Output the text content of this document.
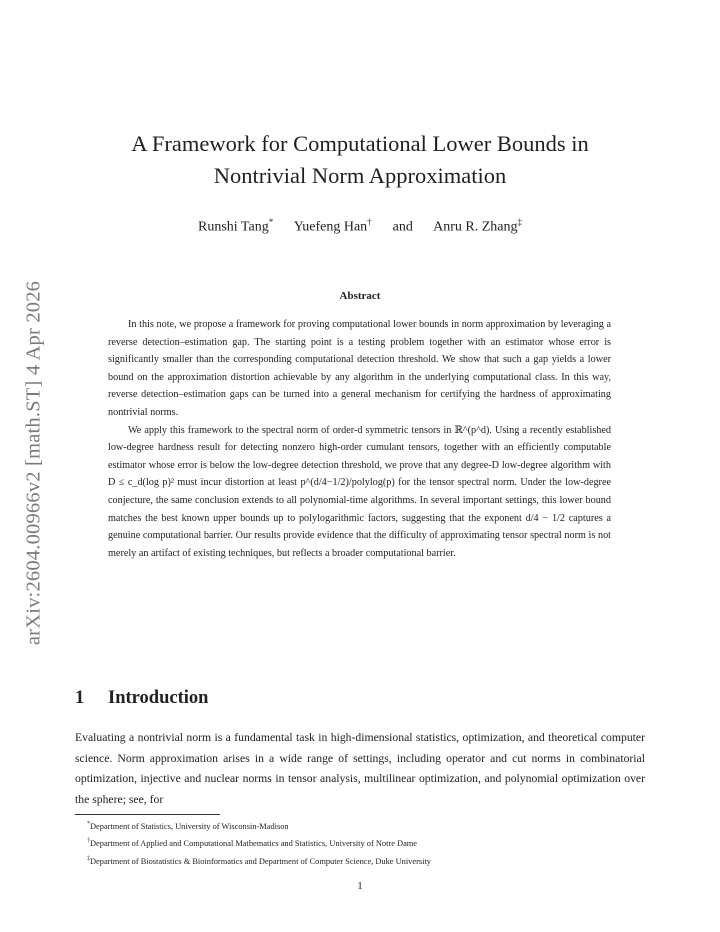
arXiv:2604.00966v2 [math.ST] 4 Apr 2026
A Framework for Computational Lower Bounds in
Nontrivial Norm Approximation
Runshi Tang* Yuefeng Han† and Anru R. Zhang‡
Abstract

In this note, we propose a framework for proving computational lower bounds in norm approximation by leveraging a reverse detection–estimation gap. The starting point is a testing problem together with an estimator whose error is significantly smaller than the corresponding computational detection threshold. We show that such a gap yields a lower bound on the approximation distortion achievable by any algorithm in the underlying computational class. In this way, reverse detection–estimation gaps can be turned into a general mechanism for certifying the hardness of approximating nontrivial norms.

We apply this framework to the spectral norm of order-d symmetric tensors in ℝ^(p^d). Using a recently established low-degree hardness result for detecting nonzero high-order cumulant tensors, together with an efficiently computable estimator whose error is below the low-degree detection threshold, we prove that any degree-D low-degree algorithm with D ≤ c_d(log p)² must incur distortion at least p^(d/4−1/2)/polylog(p) for the tensor spectral norm. Under the low-degree conjecture, the same conclusion extends to all polynomial-time algorithms. In several important settings, this lower bound matches the best known upper bounds up to polylogarithmic factors, suggesting that the exponent d/4 − 1/2 captures a genuine computational barrier. Our results provide evidence that the difficulty of approximating tensor spectral norm is not merely an artifact of existing techniques, but reflects a broader computational barrier.

1 Introduction

Evaluating a nontrivial norm is a fundamental task in high-dimensional statistics, optimization, and theoretical computer science. Norm approximation arises in a wide range of settings, including operator and cut norms in combinatorial optimization, injective and nuclear norms in tensor analysis, multilinear optimization, and polynomial optimization over the sphere; see, for

*Department of Statistics, University of Wisconsin-Madison
†Department of Applied and Computational Mathematics and Statistics, University of Notre Dame
‡Department of Biostatistics & Bioinformatics and Department of Computer Science, Duke University
1
